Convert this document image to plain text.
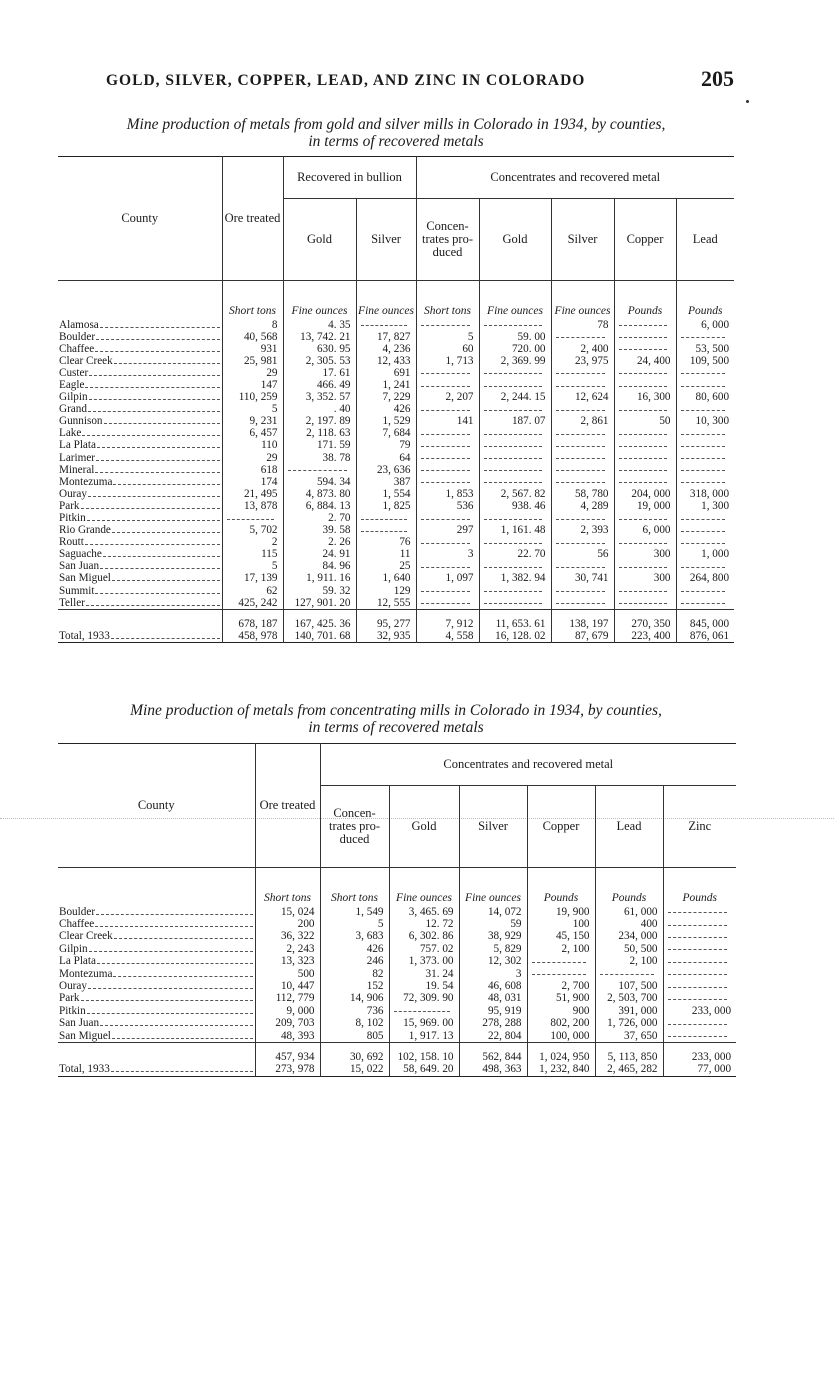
GOLD, SILVER, COPPER, LEAD, AND ZINC IN COLORADO	205
Mine production of metals from gold and silver mills in Colorado in 1934, by counties,
in terms of recovered metals
County	Ore treated	Recovered in bullion		Concentrates and recovered metal				
		Gold	Silver	Concen- trates pro- duced	Gold	Silver	Copper	Lead
	Short tons	Fine ounces	Fine ounces	Short tons	Fine ounces	Fine ounces	Pounds	Pounds

Alamosa	8	4. 35				78		6, 000

Boulder	40, 568	13, 742. 21	17, 827	5	59. 00	

Chaffee	931	630. 95	4, 236	60	720. 00	2, 400		53, 500

Clear Creek	25, 981	2, 305. 53	12, 433	1, 713	2, 369. 99	23, 975	24, 400	109, 500

Custer	29	17. 61	691	

Eagle	147	466. 49	1, 241	

Gilpin	110, 259	3, 352. 57	7, 229	2, 207	2, 244. 15	12, 624	16, 300	80, 600

Grand	5	. 40	426	

Gunnison	9, 231	2, 197. 89	1, 529	141	187. 07	2, 861	50	10, 300

Lake	6, 457	2, 118. 63	7, 684	

La Plata	110	171. 59	79	

Larimer	29	38. 78	64	

Mineral	618		23, 636	

Montezuma	174	594. 34	387	

Ouray	21, 495	4, 873. 80	1, 554	1, 853	2, 567. 82	58, 780	204, 000	318, 000

Park	13, 878	6, 884. 13	1, 825	536	938. 46	4, 289	19, 000	1, 300

Pitkin		2. 70	

Rio Grande	5, 702	39. 58		297	1, 161. 48	2, 393	6, 000	

Routt	2	2. 26	76	

Saguache	115	24. 91	11	3	22. 70	56	300	1, 000

San Juan	5	84. 96	25	

San Miguel	17, 139	1, 911. 16	1, 640	1, 097	1, 382. 94	30, 741	300	264, 800

Summit	62	59. 32	129	

Teller	425, 242	127, 901. 20	12, 555	

	678, 187	167, 425. 36	95, 277	7, 912	11, 653. 61	138, 197	270, 350	845, 000

Total, 1933	458, 978	140, 701. 68	32, 935	4, 558	16, 128. 02	87, 679	223, 400	876, 061
Mine production of metals from concentrating mills in Colorado in 1934, by counties,
in terms of recovered metals
County	Ore treated	Concentrates and recovered metal					
		Concen- trates pro- duced	Gold	Silver	Copper	Lead	Zinc
	Short tons	Short tons	Fine ounces	Fine ounces	Pounds	Pounds	Pounds

Boulder	15, 024	1, 549	3, 465. 69	14, 072	19, 900	61, 000	

Chaffee	200	5	12. 72	59	100	400	

Clear Creek	36, 322	3, 683	6, 302. 86	38, 929	45, 150	234, 000	

Gilpin	2, 243	426	757. 02	5, 829	2, 100	50, 500	

La Plata	13, 323	246	1, 373. 00	12, 302		2, 100	

Montezuma	500	82	31. 24	3	

Ouray	10, 447	152	19. 54	46, 608	2, 700	107, 500	

Park	112, 779	14, 906	72, 309. 90	48, 031	51, 900	2, 503, 700	

Pitkin	9, 000	736		95, 919	900	391, 000	233, 000

San Juan	209, 703	8, 102	15, 969. 00	278, 288	802, 200	1, 726, 000	

San Miguel	48, 393	805	1, 917. 13	22, 804	100, 000	37, 650	

	457, 934	30, 692	102, 158. 10	562, 844	1, 024, 950	5, 113, 850	233, 000

Total, 1933	273, 978	15, 022	58, 649. 20	498, 363	1, 232, 840	2, 465, 282	77, 000
